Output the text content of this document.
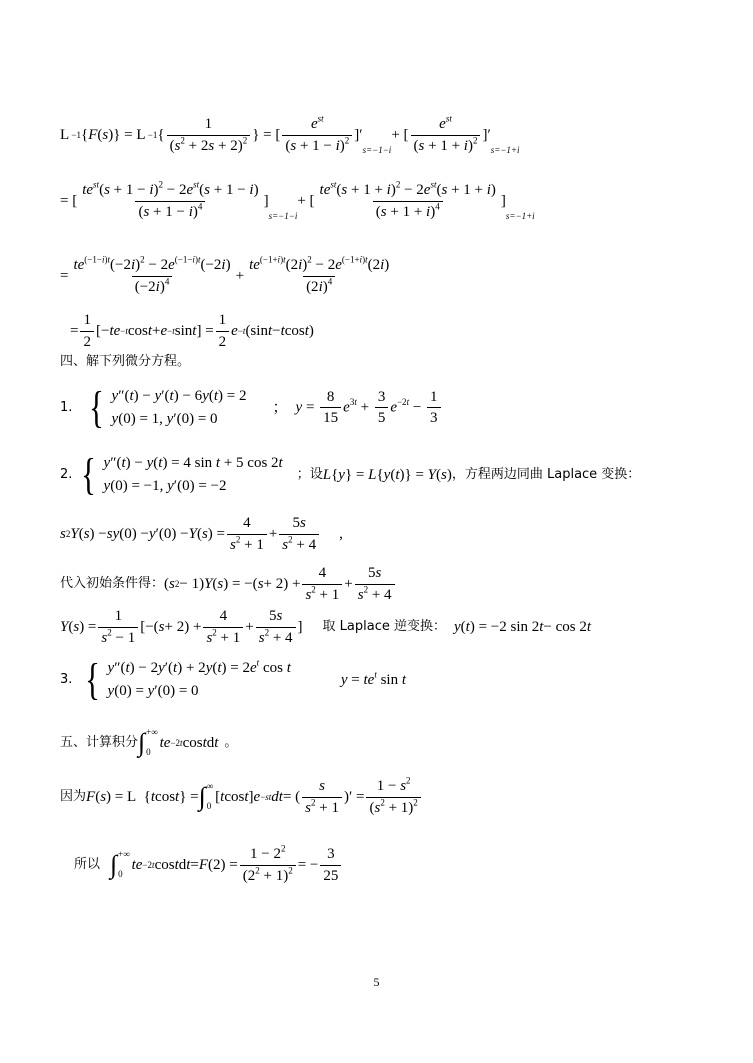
L −1 { F ( s )} = L −1 { $\frac{1}{(s^2 + 2s + 2)^2}$ } = [ $\frac{e^{st}}{(s + 1 - i)^2}$ ]′
s=−1−i
+ [ $\frac{e^{st}}{(s + 1 + i)^2}$ ]′
s=−1+i
= [ $\frac{te^{st}(s + 1 - i)^2 - 2e^{st}(s + 1 - i)}{(s + 1 - i)^4}$ ]
s=−1−i
+ [ $\frac{te^{st}(s + 1 + i)^2 - 2e^{st}(s + 1 + i)}{(s + 1 + i)^4}$ ]
s=−1+i
= $\frac{te^{(-1-i)t}(-2i)^2 - 2e^{(-1-i)t}(-2i)}{(-2i)^4} + \frac{te^{(-1+i)t}(2i)^2 - 2e^{(-1+i)t}(2i)}{(2i)^4}$
= $\frac{1}{2}$ [− te −t cos t + e −t sin t ] = $\frac{1}{2}$ e −t (sin t − t cos t )
四、解下列微分方程。
1. { y″(t) − y′(t) − 6y(t) = 2
y(0) = 1, y′(0) = 0
； $y = \frac{8}{15} e^{3t} + \frac{3}{5} e^{-2t} - \frac{1}{3}$
2. { y″(t) − y(t) = 4 sin t + 5 cos 2t
y(0) = −1, y′(0) = −2
；设 L{y} = L{y(t)} = Y(s) ，方程两边同曲 Laplace 变换：
s 2 Y ( s ) − sy (0) − y ′(0) − Y ( s ) = $\frac{4}{s^2 + 1} + \frac{5s}{s^2 + 4}$ ,
代入初始条件得： ( s 2 − 1) Y ( s ) = −( $s + 2) + \frac{4}{s^2 + 1} + \frac{5s}{s^2 + 4}$
Y ( s ) = $\frac{1}{s^2 - 1}$ [−( $s + 2) + \frac{4}{s^2 + 1} + \frac{5s}{s^2 + 4}$ ] 取 Laplace 逆变换： y ( t ) = −2 sin 2 t − cos 2 t
3. { $y''(t) - 2y'(t) + 2y(t) = 2e^t$ cos t
y(0) = y′(0) = 0
$y = te^t$ sin t
五、计算积分 ∫ +∞
0
te −2t cos t d t 。
因为 F ( s ) = L  { t cos t } = ∫ ∞
0
[ t cos t ] e −st dt = ( $\frac{s}{s^2 + 1}$ )′ = $\frac{1 - s^2}{(s^2 + 1)^2}$
所以 ∫ +∞
0
te −2t cos t d t = F $(2) = \frac{1 - 2^2}{(2^2 + 1)^2}$ = − $\frac{3}{25}$
5
